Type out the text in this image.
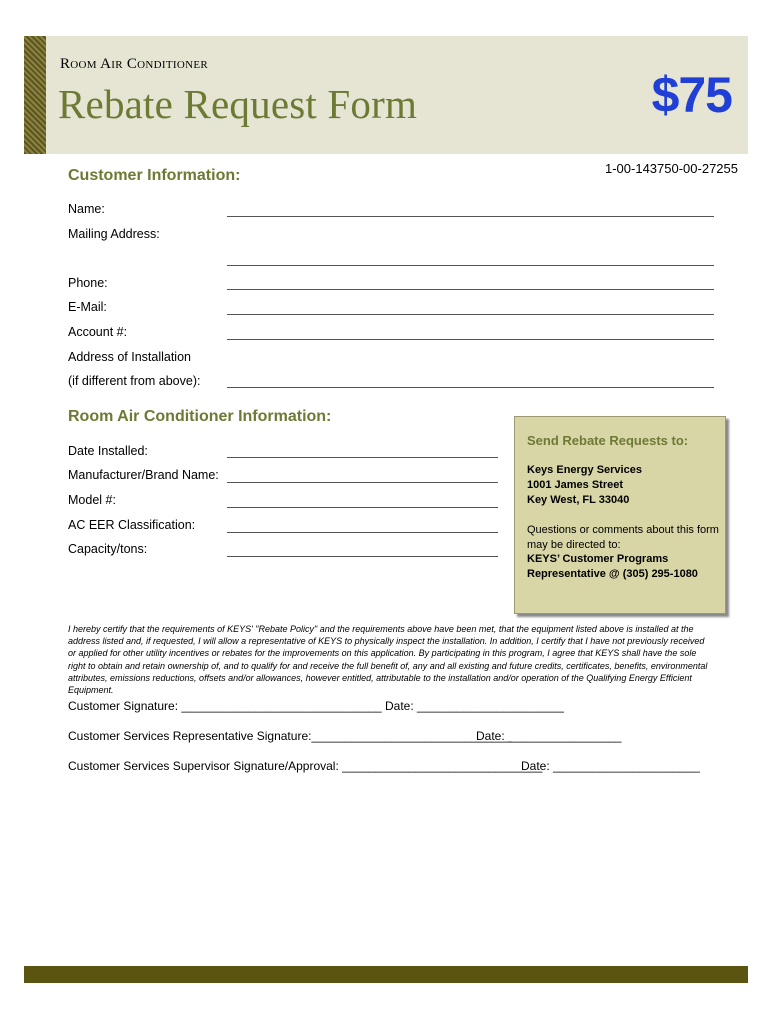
Room Air Conditioner
Rebate Request Form	$75
1-00-143750-00-27255
Customer Information:
Name:
Mailing Address:
Phone:
E-Mail:
Account #:
Address of Installation
(if different from above):
Room Air Conditioner Information:
Date Installed:
Manufacturer/Brand Name:
Model #:
AC EER Classification:
Capacity/tons:
Send Rebate Requests to:
Keys Energy Services
1001 James Street
Key West, FL 33040
Questions or comments about this form
may be directed to:
KEYS’ Customer Programs
Representative @ (305) 295-1080
I hereby certify that the requirements of KEYS' "Rebate Policy" and the requirements above have been met, that the equipment listed above is installed at the address listed and, if requested, I will allow a representative of KEYS to physically inspect the installation. In addition, I certify that I have not previously received or applied for other utility incentives or rebates for the improvements on this application. By participating in this program, I agree that KEYS shall have the sole right to obtain and retain ownership of, and to qualify for and receive the full benefit of, any and all existing and future credits, certificates, benefits, environmental attributes, emissions reductions, offsets and/or allowances, however entitled, attributable to the installation and/or operation of the Qualifying Energy Efficient Equipment.
Customer Signature: ______________________________ Date: ______________________
Customer Services Representative Signature:______________________________
Date: _________________
Customer Services Supervisor Signature/Approval: ______________________________
Date: ______________________
